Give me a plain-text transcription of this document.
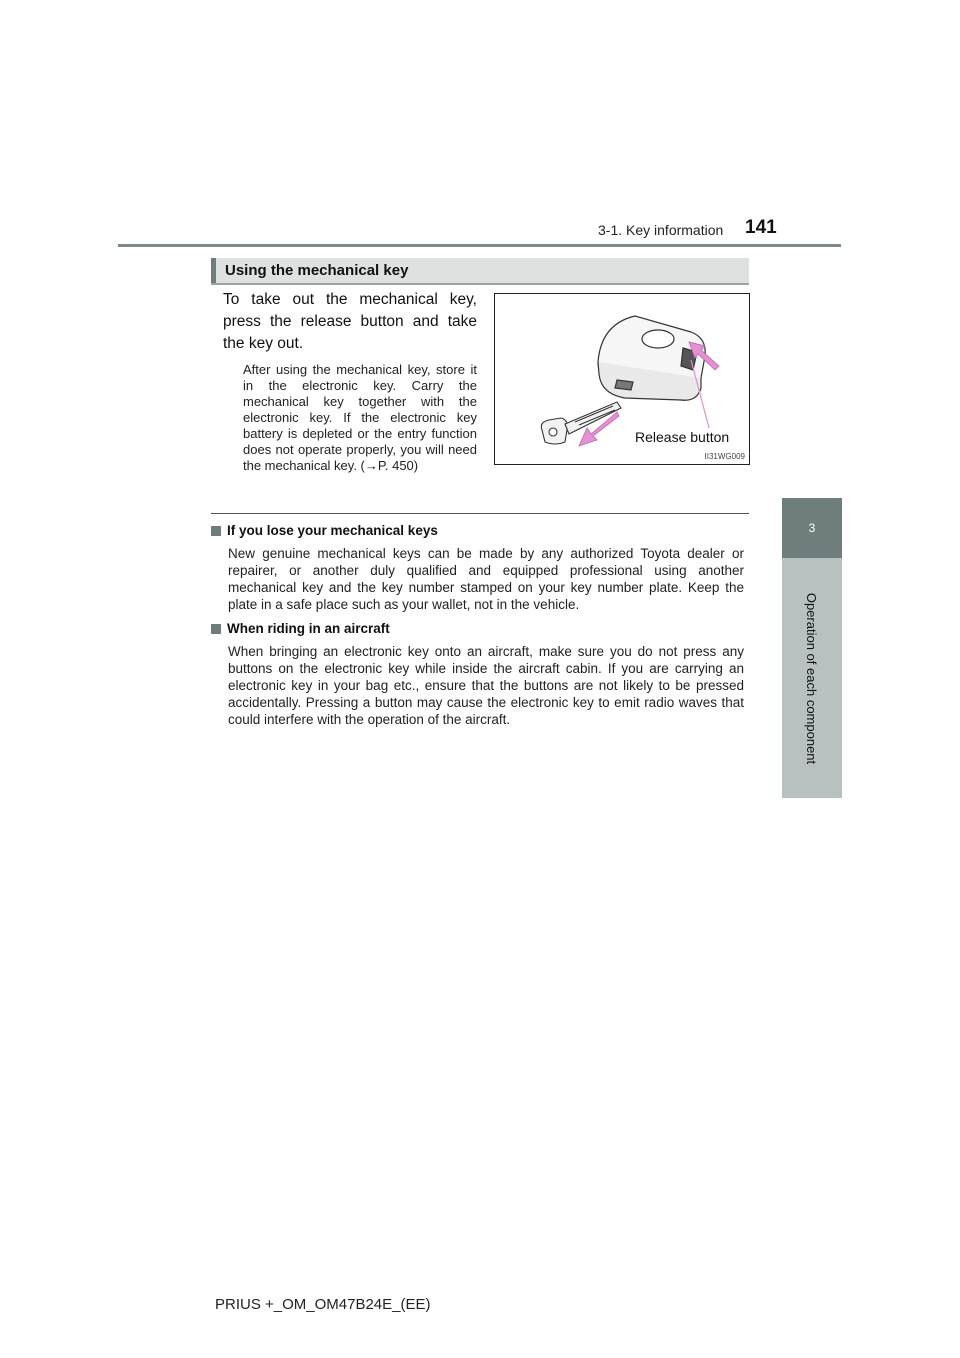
3-1. Key information 141
3
Operation of each component
Using the mechanical key
To take out the mechanical key, press the release button and take the key out.
After using the mechanical key, store it in the electronic key. Carry the mechanical key together with the electronic key. If the electronic key battery is depleted or the entry function does not operate properly, you will need the mechanical key. (→P. 450)
Release button
II31WG009
If you lose your mechanical keys
New genuine mechanical keys can be made by any authorized Toyota dealer or repairer, or another duly qualified and equipped professional using another mechanical key and the key number stamped on your key number plate. Keep the plate in a safe place such as your wallet, not in the vehicle.
When riding in an aircraft
When bringing an electronic key onto an aircraft, make sure you do not press any buttons on the electronic key while inside the aircraft cabin. If you are carrying an electronic key in your bag etc., ensure that the buttons are not likely to be pressed accidentally. Pressing a button may cause the electronic key to emit radio waves that could interfere with the operation of the aircraft.
PRIUS +_OM_OM47B24E_(EE)
